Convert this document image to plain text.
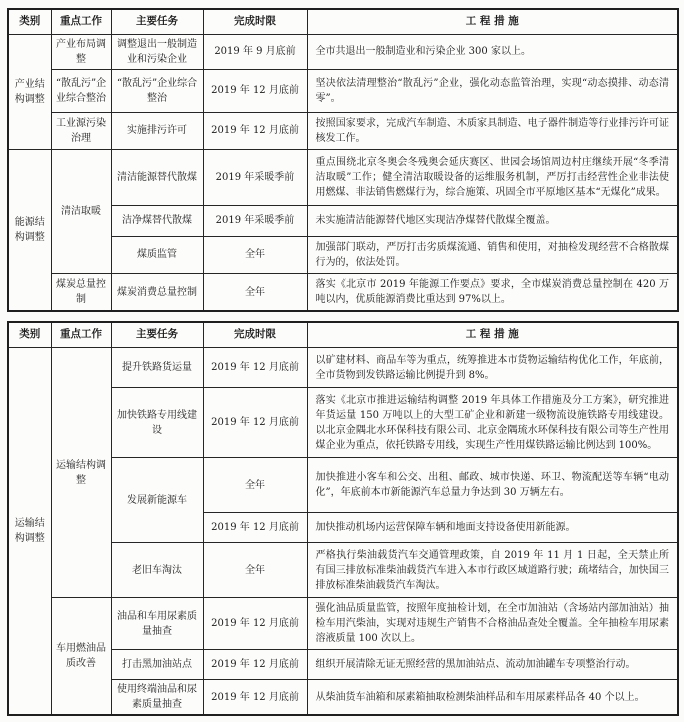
类别	重点工作	主要任务	完成时限	工 程 措 施
产业结构调整	产业布局调整	调整退出一般制造业和污染企业	2019 年 9 月底前	全市共退出一般制造业和污染企业 300 家以上。
	“散乱污”企业综合整治	“散乱污”企业综合整治	2019 年 12 月底前	坚决依法清理整治“散乱污”企业，强化动态监管治理，实现“动态摸排、动态清零”。
	工业源污染治理	实施排污许可	2019 年 12 月底前	按照国家要求，完成汽车制造、木质家具制造、电子器件制造等行业排污许可证核发工作。
能源结构调整	清洁取暖	清洁能源替代散煤	2019 年采暖季前	重点围绕北京冬奥会冬残奥会延庆赛区、世园会场馆周边村庄继续开展“冬季清洁取暖”工作；健全清洁取暖设备的运维服务机制，严厉打击经营性企业非法使用燃煤、非法销售燃煤行为，综合施策、巩固全市平原地区基本“无煤化”成果。
		洁净煤替代散煤	2019 年采暖季前	未实施清洁能源替代地区实现洁净煤替代散煤全覆盖。
		煤质监管	全年	加强部门联动，严厉打击劣质煤流通、销售和使用，对抽检发现经营不合格散煤行为的，依法处罚。
	煤炭总量控制	煤炭消费总量控制	全年	落实《北京市 2019 年能源工作要点》要求，全市煤炭消费总量控制在 420 万吨以内，优质能源消费比重达到 97%以上。
类别	重点工作	主要任务	完成时限	工 程 措 施
运输结构调整	运输结构调整	提升铁路货运量	2019 年 12 月底前	以矿建材料、商品车等为重点，统筹推进本市货物运输结构优化工作，年底前，全市货物到发铁路运输比例提升到 8%。
		加快铁路专用线建设	2019 年 12 月底前	落实《北京市推进运输结构调整 2019 年具体工作措施及分工方案》，研究推进年货运量 150 万吨以上的大型工矿企业和新建一级物流设施铁路专用线建设。以北京金隅北水环保科技有限公司、北京金隅琉水环保科技有限公司等生产性用煤企业为重点，依托铁路专用线，实现生产性用煤铁路运输比例达到 100%。
		发展新能源车	全年	加快推进小客车和公交、出租、邮政、城市快递、环卫、物流配送等车辆“电动化”，年底前本市新能源汽车总量力争达到 30 万辆左右。
			2019 年 12 月底前	加快推动机场内运营保障车辆和地面支持设备使用新能源。
		老旧车淘汰	全年	严格执行柴油载货汽车交通管理政策，自 2019 年 11 月 1 日起，全天禁止所有国三排放标准柴油载货汽车进入本市行政区域道路行驶；疏堵结合，加快国三排放标准柴油载货汽车淘汰。
	车用燃油品质改善	油品和车用尿素质量抽查	2019 年 12 月底前	强化油品质量监管，按照年度抽检计划，在全市加油站（含场站内部加油站）抽检车用汽柴油，实现对违规生产销售不合格油品查处全覆盖。全年抽检车用尿素溶液质量 100 次以上。
		打击黑加油站点	2019 年 12 月底前	组织开展清除无证无照经营的黑加油站点、流动加油罐车专项整治行动。
		使用终端油品和尿素质量抽查	2019 年 12 月底前	从柴油货车油箱和尿素箱抽取检测柴油样品和车用尿素样品各 40 个以上。
